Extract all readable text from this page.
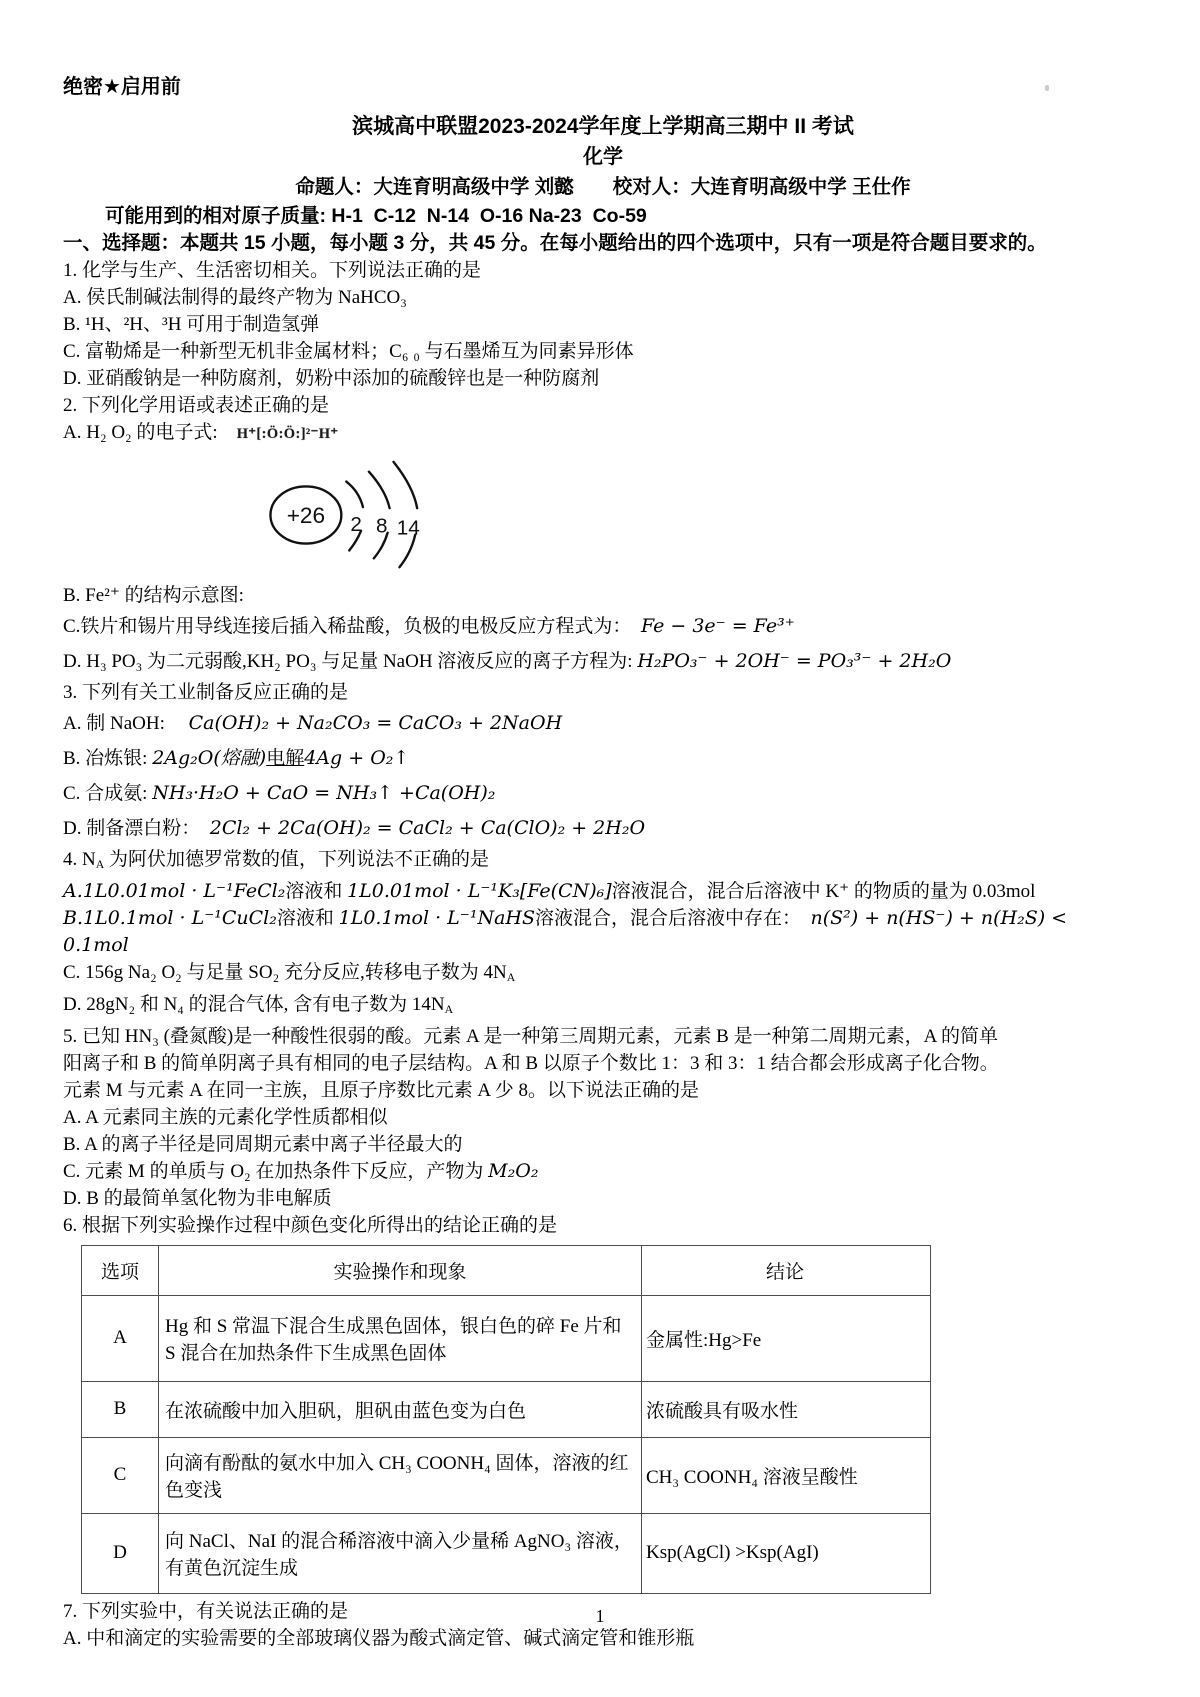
绝密★启用前
滨城高中联盟2023-2024学年度上学期高三期中 II 考试
化学
命题人：大连育明高级中学 刘懿　　校对人：大连育明高级中学 王仕作
可能用到的相对原子质量: H-1  C-12  N-14  O-16 Na-23  Co-59
一、选择题：本题共 15 小题，每小题 3 分，共 45 分。在每小题给出的四个选项中，只有一项是符合题目要求的。
1. 化学与生产、生活密切相关。下列说法正确的是
A. 侯氏制碱法制得的最终产物为 NaHCO₃
B. ¹H、²H、³H 可用于制造氢弹
C. 富勒烯是一种新型无机非金属材料；C₆ ₀ 与石墨烯互为同素异形体
D. 亚硝酸钠是一种防腐剂，奶粉中添加的硫酸锌也是一种防腐剂
2. 下列化学用语或表述正确的是
A. H₂ O₂ 的电子式:　H⁺[:Ö:Ö:]²⁻H⁺
+26 2 8 14
B. Fe²⁺ 的结构示意图:
C.铁片和锡片用导线连接后插入稀盐酸，负极的电极反应方程式为：　Fe − 3e⁻ = Fe³⁺
D. H₃ PO₃ 为二元弱酸,KH₂ PO₃ 与足量 NaOH 溶液反应的离子方程为: H₂PO₃⁻ + 2OH⁻ = PO₃³⁻ + 2H₂O
3. 下列有关工业制备反应正确的是
A. 制 NaOH:　 Ca(OH)₂ + Na₂CO₃ = CaCO₃ + 2NaOH
B. 冶炼银: 2Ag₂O(熔融)电解4Ag + O₂↑
C. 合成氨: NH₃·H₂O + CaO = NH₃↑ +Ca(OH)₂
D. 制备漂白粉：　2Cl₂ + 2Ca(OH)₂ = CaCl₂ + Ca(ClO)₂ + 2H₂O
4. $N_A$ 为阿伏加德罗常数的值，下列说法不正确的是
A.1L0.01mol · L⁻¹FeCl₂溶液和 1L0.01mol · L⁻¹K₃[Fe(CN)₆]溶液混合，混合后溶液中 K⁺ 的物质的量为 0.03mol
B.1L0.1mol · L⁻¹CuCl₂溶液和 1L0.1mol · L⁻¹NaHS溶液混合，混合后溶液中存在：　n(S²) + n(HS⁻) + n(H₂S) <
0.1mol
C. 156g Na₂ O₂ 与足量 SO₂ 充分反应,转移电子数为 $4N_A$
D. 28gN₂ 和 N₄ 的混合气体, 含有电子数为 $14N_A$
5. 已知 HN₃ (叠氮酸)是一种酸性很弱的酸。元素 A 是一种第三周期元素，元素 B 是一种第二周期元素，A 的简单
阳离子和 B 的简单阴离子具有相同的电子层结构。A 和 B 以原子个数比 1：3 和 3：1 结合都会形成离子化合物。
元素 M 与元素 A 在同一主族，且原子序数比元素 A 少 8。以下说法正确的是
A. A 元素同主族的元素化学性质都相似
B. A 的离子半径是同周期元素中离子半径最大的
C. 元素 M 的单质与 O₂ 在加热条件下反应，产物为 M₂O₂
D. B 的最简单氢化物为非电解质
6. 根据下列实验操作过程中颜色变化所得出的结论正确的是
选项	实验操作和现象	结论
A	Hg 和 S 常温下混合生成黑色固体，银白色的碎 Fe 片和 S 混合在加热条件下生成黑色固体	金属性:Hg>Fe
B	在浓硫酸中加入胆矾，胆矾由蓝色变为白色	浓硫酸具有吸水性
C	向滴有酚酞的氨水中加入 CH₃ COONH₄ 固体，溶液的红色变浅	CH₃ COONH₄ 溶液呈酸性
D	向 NaCl、NaI 的混合稀溶液中滴入少量稀 AgNO₃ 溶液，有黄色沉淀生成	Ksp(AgCl) >Ksp(AgI)
7. 下列实验中，有关说法正确的是
A. 中和滴定的实验需要的全部玻璃仪器为酸式滴定管、碱式滴定管和锥形瓶
1
